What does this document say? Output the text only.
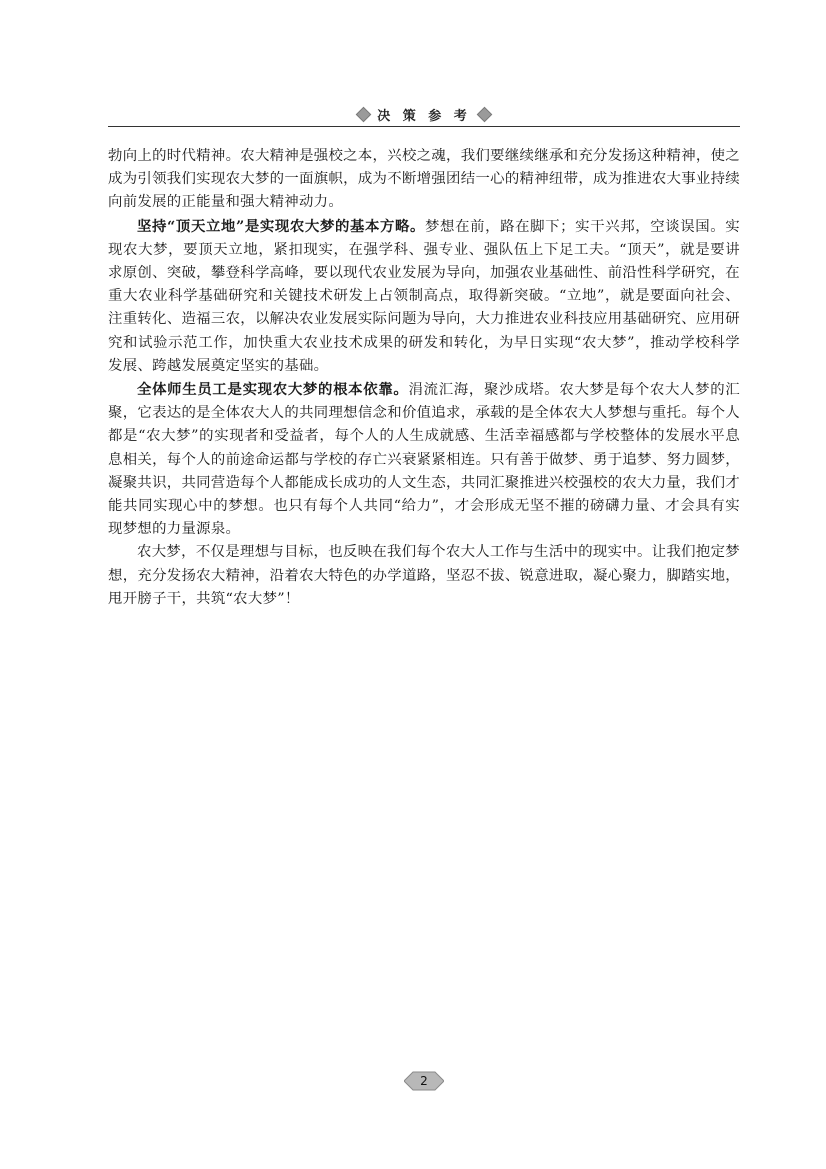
决 策 参 考

勃向上的时代精神。农大精神是强校之本，兴校之魂，我们要继续继承和充分发扬这种精神，使之成为引领我们实现农大梦的一面旗帜，成为不断增强团结一心的精神纽带，成为推进农大事业持续向前发展的正能量和强大精神动力。

坚持“顶天立地”是实现农大梦的基本方略。梦想在前，路在脚下；实干兴邦，空谈误国。实现农大梦，要顶天立地，紧扣现实，在强学科、强专业、强队伍上下足工夫。“顶天”，就是要讲求原创、突破，攀登科学高峰，要以现代农业发展为导向，加强农业基础性、前沿性科学研究，在重大农业科学基础研究和关键技术研发上占领制高点，取得新突破。“立地”，就是要面向社会、注重转化、造福三农，以解决农业发展实际问题为导向，大力推进农业科技应用基础研究、应用研究和试验示范工作，加快重大农业技术成果的研发和转化，为早日实现“农大梦”，推动学校科学发展、跨越发展奠定坚实的基础。

全体师生员工是实现农大梦的根本依靠。涓流汇海，聚沙成塔。农大梦是每个农大人梦的汇聚，它表达的是全体农大人的共同理想信念和价值追求，承载的是全体农大人梦想与重托。每个人都是“农大梦”的实现者和受益者，每个人的人生成就感、生活幸福感都与学校整体的发展水平息息相关，每个人的前途命运都与学校的存亡兴衰紧紧相连。只有善于做梦、勇于追梦、努力圆梦，凝聚共识，共同营造每个人都能成长成功的人文生态，共同汇聚推进兴校强校的农大力量，我们才能共同实现心中的梦想。也只有每个人共同“给力”，才会形成无坚不摧的磅礴力量、才会具有实现梦想的力量源泉。

农大梦，不仅是理想与目标，也反映在我们每个农大人工作与生活中的现实中。让我们抱定梦想，充分发扬农大精神，沿着农大特色的办学道路，坚忍不拔、锐意进取，凝心聚力，脚踏实地，甩开膀子干，共筑“农大梦”！

2
